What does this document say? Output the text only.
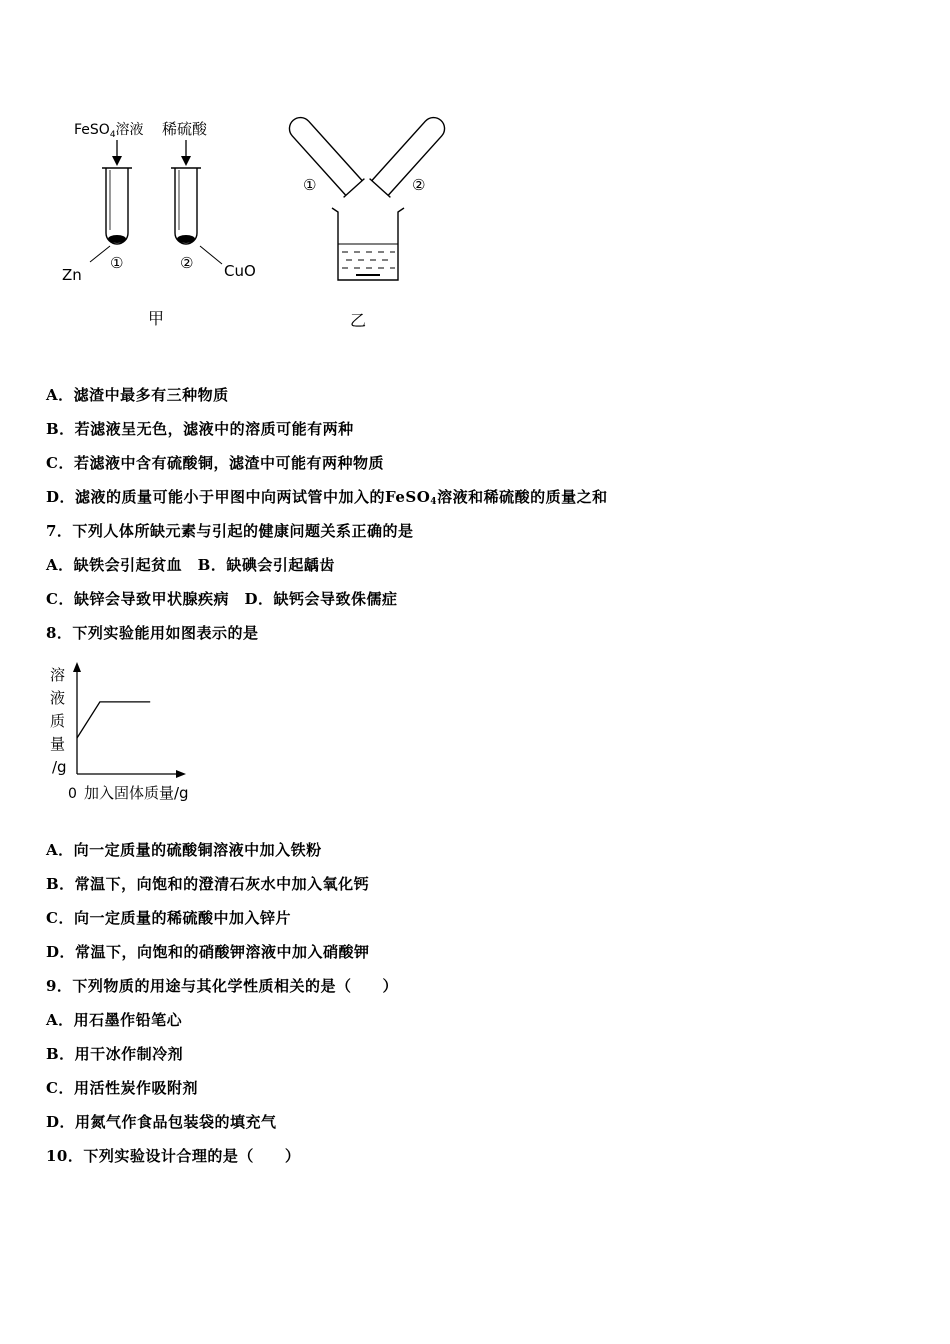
FeSO$_4$溶液 稀硫酸
Zn
①	② CuO
甲
①	②
乙
A．滤渣中最多有三种物质
B．若滤液呈无色，滤液中的溶质可能有两种
C．若滤液中含有硫酸铜，滤渣中可能有两种物质
D．滤液的质量可能小于甲图中向两试管中加入的FeSO$_4$溶液和稀硫酸的质量之和
7．下列人体所缺元素与引起的健康问题关系正确的是
A．缺铁会引起贫血　B．缺碘会引起龋齿
C．缺锌会导致甲状腺疾病　D．缺钙会导致侏儒症
8．下列实验能用如图表示的是
溶
液
质
量
/g
0 加入固体质量/g
A．向一定质量的硫酸铜溶液中加入铁粉
B．常温下，向饱和的澄清石灰水中加入氧化钙
C．向一定质量的稀硫酸中加入锌片
D．常温下，向饱和的硝酸钾溶液中加入硝酸钾
9．下列物质的用途与其化学性质相关的是（　　）
A．用石墨作铅笔心
B．用干冰作制冷剂
C．用活性炭作吸附剂
D．用氮气作食品包装袋的填充气
10．下列实验设计合理的是（　　）
